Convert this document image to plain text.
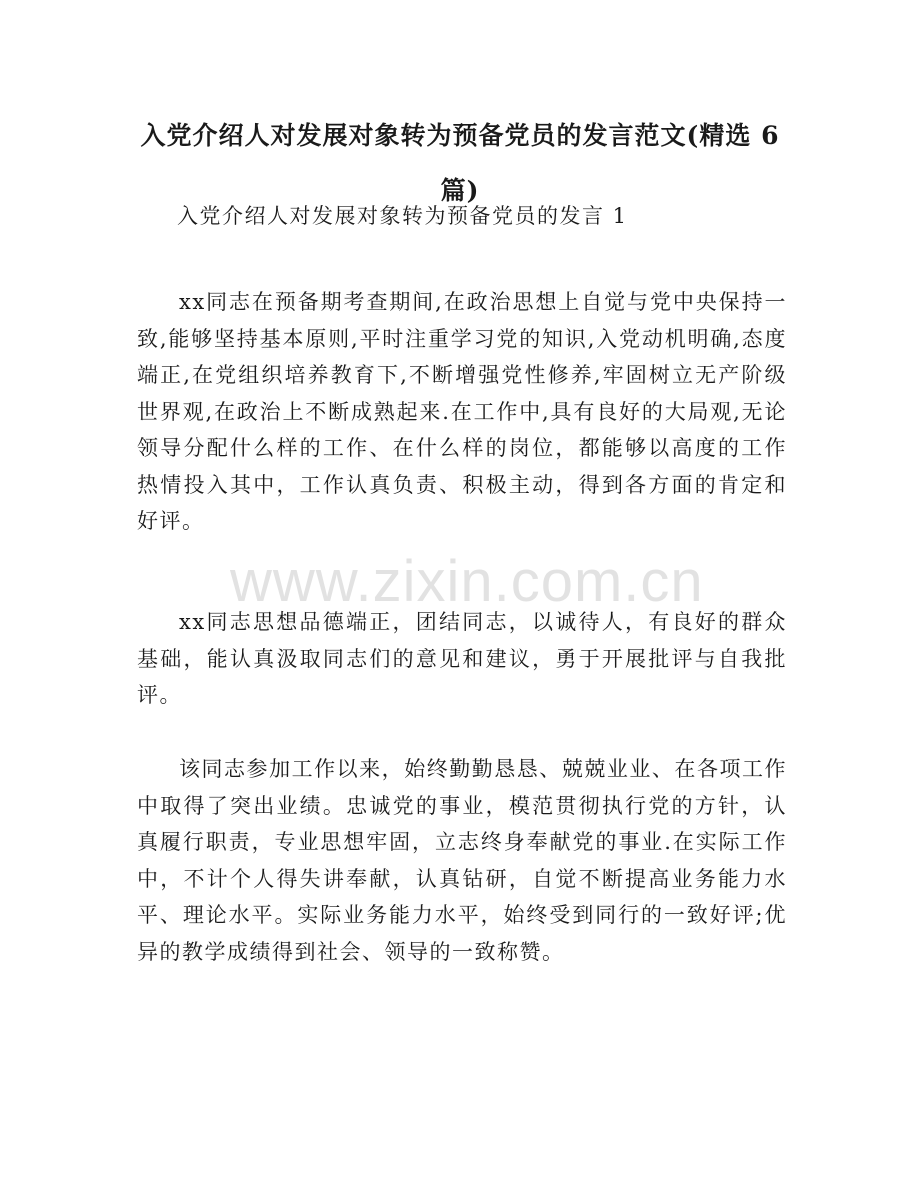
入党介绍人对发展对象转为预备党员的发言范文(精选 6 篇)
入党介绍人对发展对象转为预备党员的发言 1
xx同志在预备期考查期间,在政治思想上自觉与党中央保持一致,能够坚持基本原则,平时注重学习党的知识,入党动机明确,态度端正,在党组织培养教育下,不断增强党性修养,牢固树立无产阶级世界观,在政治上不断成熟起来.在工作中,具有良好的大局观,无论领导分配什么样的工作、在什么样的岗位，都能够以高度的工作热情投入其中，工作认真负责、积极主动，得到各方面的肯定和好评。
xx同志思想品德端正，团结同志，以诚待人，有良好的群众基础，能认真汲取同志们的意见和建议，勇于开展批评与自我批评。
该同志参加工作以来，始终勤勤恳恳、兢兢业业、在各项工作中取得了突出业绩。忠诚党的事业，模范贯彻执行党的方针，认真履行职责，专业思想牢固，立志终身奉献党的事业.在实际工作中，不计个人得失讲奉献，认真钻研，自觉不断提高业务能力水平、理论水平。实际业务能力水平，始终受到同行的一致好评;优异的教学成绩得到社会、领导的一致称赞。
www.zixin.com.cn
